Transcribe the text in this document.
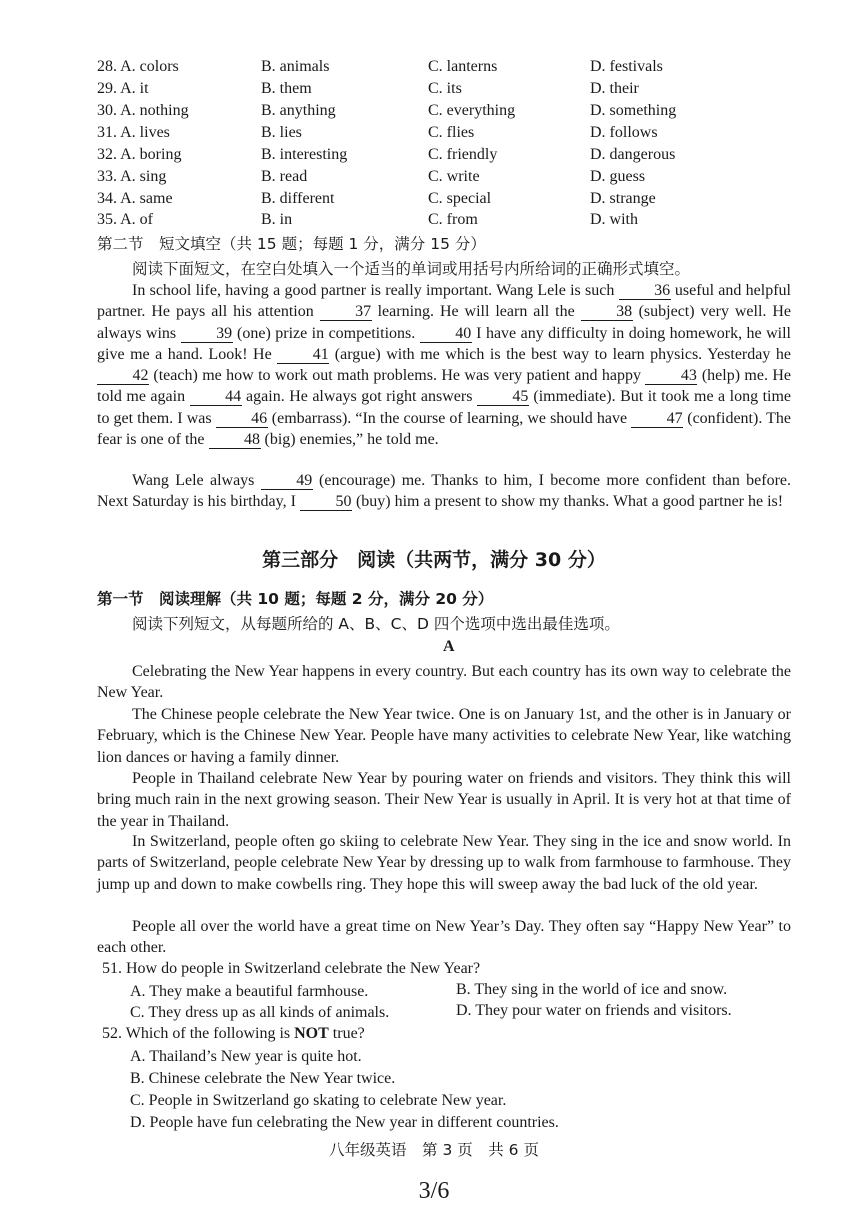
28. A. colors	B. animals	C. lanterns	D. festivals
29. A. it	B. them	C. its	D. their
30. A. nothing	B. anything	C. everything	D. something
31. A. lives	B. lies	C. flies	D. follows
32. A. boring	B. interesting	C. friendly	D. dangerous
33. A. sing	B. read	C. write	D. guess
34. A. same	B. different	C. special	D. strange
35. A. of	B. in	C. from	D. with
第二节　短文填空（共 15 题；每题 1 分，满分 15 分）
阅读下面短文，在空白处填入一个适当的单词或用括号内所给词的正确形式填空。
In school life, having a good partner is really important. Wang Lele is such 36 useful and helpful partner. He pays all his attention 37 learning. He will learn all the 38 (subject) very well. He always wins 39 (one) prize in competitions. 40 I have any difficulty in doing homework, he will give me a hand. Look! He 41 (argue) with me which is the best way to learn physics. Yesterday he 42 (teach) me how to work out math problems. He was very patient and happy 43 (help) me. He told me again 44 again. He always got right answers 45 (immediate). But it took me a long time to get them. I was 46 (embarrass). “In the course of learning, we should have 47 (confident). The fear is one of the 48 (big) enemies,” he told me.
Wang Lele always 49 (encourage) me. Thanks to him, I become more confident than before. Next Saturday is his birthday, I 50 (buy) him a present to show my thanks. What a good partner he is!
第三部分　阅读（共两节，满分 30 分）
第一节　阅读理解（共 10 题；每题 2 分，满分 20 分）
阅读下列短文，从每题所给的 A、B、C、D 四个选项中选出最佳选项。
A
Celebrating the New Year happens in every country. But each country has its own way to celebrate the New Year.
The Chinese people celebrate the New Year twice. One is on January 1st, and the other is in January or February, which is the Chinese New Year. People have many activities to celebrate New Year, like watching lion dances or having a family dinner.
People in Thailand celebrate New Year by pouring water on friends and visitors. They think this will bring much rain in the next growing season. Their New Year is usually in April. It is very hot at that time of the year in Thailand.
In Switzerland, people often go skiing to celebrate New Year. They sing in the ice and snow world. In parts of Switzerland, people celebrate New Year by dressing up to walk from farmhouse to farmhouse. They jump up and down to make cowbells ring. They hope this will sweep away the bad luck of the old year.
People all over the world have a great time on New Year’s Day. They often say “Happy New Year” to each other.
51. How do people in Switzerland celebrate the New Year?
A. They make a beautiful farmhouse.	B. They sing in the world of ice and snow.
C. They dress up as all kinds of animals.	D. They pour water on friends and visitors.
52. Which of the following is NOT true?
A. Thailand’s New year is quite hot.
B. Chinese celebrate the New Year twice.
C. People in Switzerland go skating to celebrate New year.
D. People have fun celebrating the New year in different countries.
八年级英语　第 3 页　共 6 页
3/6
